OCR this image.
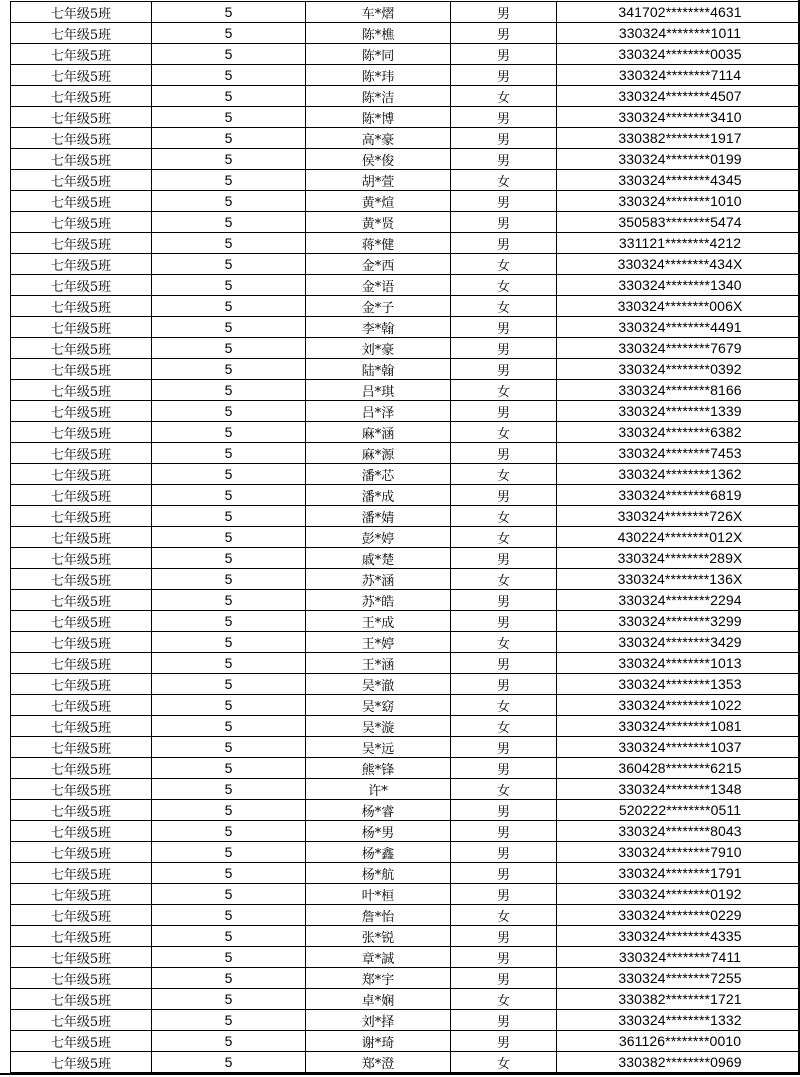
七年级5班	5	车*熠	男	341702********4631
七年级5班	5	陈*樵	男	330324********1011
七年级5班	5	陈*同	男	330324********0035
七年级5班	5	陈*玮	男	330324********7114
七年级5班	5	陈*洁	女	330324********4507
七年级5班	5	陈*博	男	330324********3410
七年级5班	5	高*豪	男	330382********1917
七年级5班	5	侯*俊	男	330324********0199
七年级5班	5	胡*萱	女	330324********4345
七年级5班	5	黄*煊	男	330324********1010
七年级5班	5	黄*贤	男	350583********5474
七年级5班	5	蒋*健	男	331121********4212
七年级5班	5	金*西	女	330324********434X
七年级5班	5	金*语	女	330324********1340
七年级5班	5	金*子	女	330324********006X
七年级5班	5	李*翰	男	330324********4491
七年级5班	5	刘*豪	男	330324********7679
七年级5班	5	陆*翰	男	330324********0392
七年级5班	5	吕*琪	女	330324********8166
七年级5班	5	吕*泽	男	330324********1339
七年级5班	5	麻*涵	女	330324********6382
七年级5班	5	麻*源	男	330324********7453
七年级5班	5	潘*芯	女	330324********1362
七年级5班	5	潘*成	男	330324********6819
七年级5班	5	潘*婧	女	330324********726X
七年级5班	5	彭*婷	女	430224********012X
七年级5班	5	戚*楚	男	330324********289X
七年级5班	5	苏*涵	女	330324********136X
七年级5班	5	苏*皓	男	330324********2294
七年级5班	5	王*成	男	330324********3299
七年级5班	5	王*婷	女	330324********3429
七年级5班	5	王*涵	男	330324********1013
七年级5班	5	吴*澈	男	330324********1353
七年级5班	5	吴*窈	女	330324********1022
七年级5班	5	吴*漩	女	330324********1081
七年级5班	5	吴*远	男	330324********1037
七年级5班	5	熊*锋	男	360428********6215
七年级5班	5	许*	女	330324********1348
七年级5班	5	杨*睿	男	520222********0511
七年级5班	5	杨*男	男	330324********8043
七年级5班	5	杨*鑫	男	330324********7910
七年级5班	5	杨*航	男	330324********1791
七年级5班	5	叶*桓	男	330324********0192
七年级5班	5	詹*怡	女	330324********0229
七年级5班	5	张*锐	男	330324********4335
七年级5班	5	章*誠	男	330324********7411
七年级5班	5	郑*宇	男	330324********7255
七年级5班	5	卓*娴	女	330382********1721
七年级5班	5	刘*择	男	330324********1332
七年级5班	5	谢*琦	男	361126********0010
七年级5班	5	郑*澄	女	330382********0969
